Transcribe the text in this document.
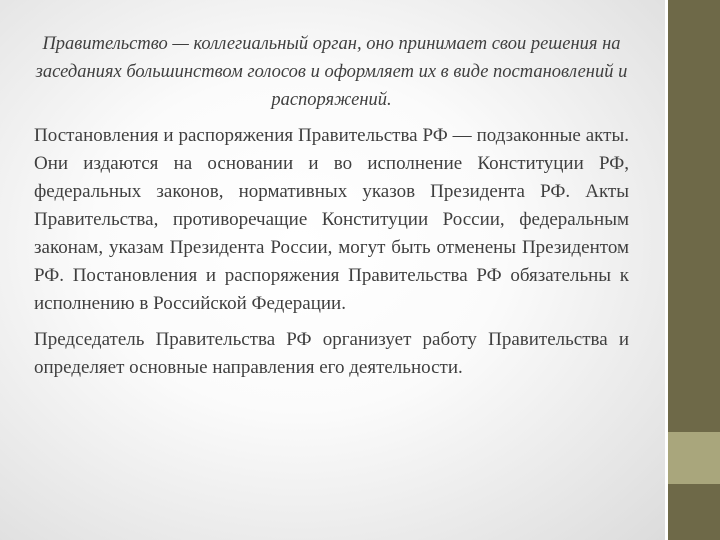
Правительство — коллегиальный орган, оно принимает свои решения на заседаниях большинством голосов и оформляет их в виде постановлений и распоряжений.

Постановления и распоряжения Правительства РФ — подзаконные акты. Они издаются на основании и во исполнение Конституции РФ, федеральных законов, нормативных указов Президента РФ. Акты Правительства, противоречащие Конституции России, федеральным законам, указам Президента России, могут быть отменены Президентом РФ. Постановления и распоряжения Правительства РФ обязательны к исполнению в Российской Федерации.

Председатель Правительства РФ организует работу Правительства и определяет основные направления его деятельности.
